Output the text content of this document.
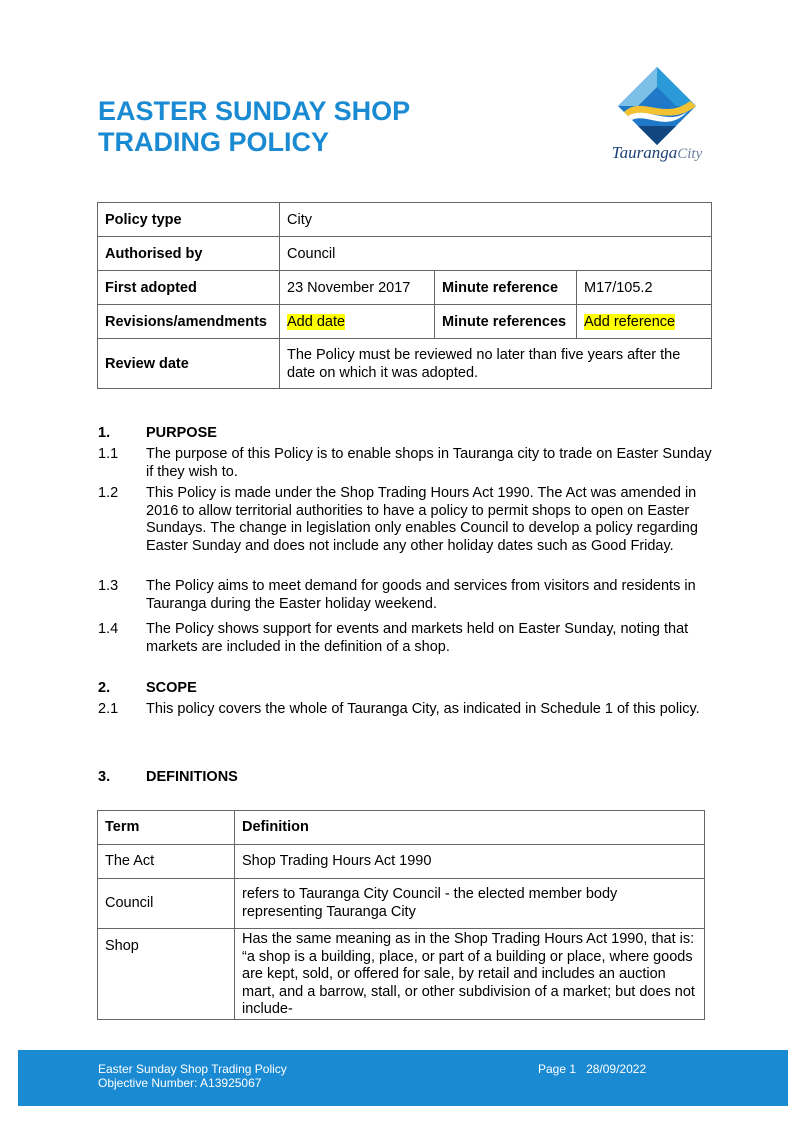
EASTER SUNDAY SHOP
TRADING POLICY	TaurangaCity
Policy type	City		
Authorised by	Council		
First adopted	23 November 2017	Minute reference	M17/105.2
Revisions/amendments	Add date	Minute references	Add reference
Review date	The Policy must be reviewed no later than five years after the date on which it was adopted.		
1. PURPOSE
1.1 The purpose of this Policy is to enable shops in Tauranga city to trade on Easter Sunday if they wish to.
1.2 This Policy is made under the Shop Trading Hours Act 1990. The Act was amended in 2016 to allow territorial authorities to have a policy to permit shops to open on Easter Sundays. The change in legislation only enables Council to develop a policy regarding Easter Sunday and does not include any other holiday dates such as Good Friday.
1.3 The Policy aims to meet demand for goods and services from visitors and residents in Tauranga during the Easter holiday weekend.
1.4 The Policy shows support for events and markets held on Easter Sunday, noting that markets are included in the definition of a shop.
2. SCOPE
2.1 This policy covers the whole of Tauranga City, as indicated in Schedule 1 of this policy.
3. DEFINITIONS
Term	Definition
The Act	Shop Trading Hours Act 1990
Council	refers to Tauranga City Council - the elected member body representing Tauranga City
Shop	Has the same meaning as in the Shop Trading Hours Act 1990, that is:
“a shop is a building, place, or part of a building or place, where goods are kept, sold, or offered for sale, by retail and includes an auction mart, and a barrow, stall, or other subdivision of a market; but does not include-
Easter Sunday Shop Trading Policy
Objective Number: A13925067
Page 1 28/09/2022
